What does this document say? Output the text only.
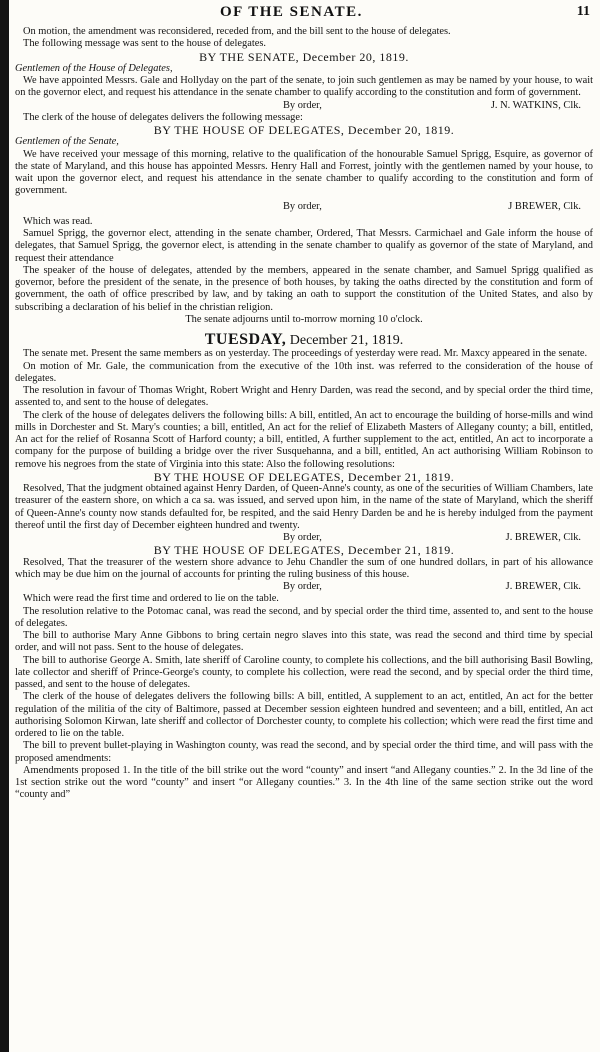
OF THE SENATE.	11

On motion, the amendment was reconsidered, receded from, and the bill sent to the house of delegates.

The following message was sent to the house of delegates.

BY THE SENATE, December 20, 1819.

Gentlemen of the House of Delegates,

We have appointed Messrs. Gale and Hollyday on the part of the senate, to join such gentlemen as may be named by your house, to wait on the governor elect, and request his attendance in the senate chamber to qualify according to the constitution and form of government.

By order,	J. N. WATKINS, Clk.

The clerk of the house of delegates delivers the following message:

BY THE HOUSE OF DELEGATES, December 20, 1819.

Gentlemen of the Senate,

We have received your message of this morning, relative to the qualification of the honourable Samuel Sprigg, Esquire, as governor of the state of Maryland, and this house has appointed Messrs. Henry Hall and Forrest, jointly with the gentlemen named by your house, to wait upon the governor elect, and request his attendance in the senate chamber to qualify according to the constitution and form of government.

By order,	J BREWER, Clk.

Which was read.

Samuel Sprigg, the governor elect, attending in the senate chamber, Ordered, That Messrs. Carmichael and Gale inform the house of delegates, that Samuel Sprigg, the governor elect, is attending in the senate chamber to qualify as governor of the state of Maryland, and request their attendance

The speaker of the house of delegates, attended by the members, appeared in the senate chamber, and Samuel Sprigg qualified as governor, before the president of the senate, in the presence of both houses, by taking the oaths directed by the constitution and form of government, the oath of office prescribed by law, and by taking an oath to support the constitution of the United States, and also by subscribing a declaration of his belief in the christian religion.

The senate adjourns until to-morrow morning 10 o'clock.

TUESDAY, December 21, 1819.

The senate met. Present the same members as on yesterday. The proceedings of yesterday were read. Mr. Maxcy appeared in the senate.

On motion of Mr. Gale, the communication from the executive of the 10th inst. was referred to the consideration of the house of delegates.

The resolution in favour of Thomas Wright, Robert Wright and Henry Darden, was read the second, and by special order the third time, assented to, and sent to the house of delegates.

The clerk of the house of delegates delivers the following bills: A bill, entitled, An act to encourage the building of horse-mills and wind mills in Dorchester and St. Mary's counties; a bill, entitled, An act for the relief of Elizabeth Masters of Allegany county; a bill, entitled, An act for the relief of Rosanna Scott of Harford county; a bill, entitled, A further supplement to the act, entitled, An act to incorporate a company for the purpose of building a bridge over the river Susquehanna, and a bill, entitled, An act authorising William Robinson to remove his negroes from the state of Virginia into this state: Also the following resolutions:

BY THE HOUSE OF DELEGATES, December 21, 1819.

Resolved, That the judgment obtained against Henry Darden, of Queen-Anne's county, as one of the securities of William Chambers, late treasurer of the eastern shore, on which a ca sa. was issued, and served upon him, in the name of the state of Maryland, which the sheriff of Queen-Anne's county now stands defaulted for, be respited, and the said Henry Darden be and he is hereby indulged from the payment thereof until the first day of December eighteen hundred and twenty.

By order,	J. BREWER, Clk.

BY THE HOUSE OF DELEGATES, December 21, 1819.

Resolved, That the treasurer of the western shore advance to Jehu Chandler the sum of one hundred dollars, in part of his allowance which may be due him on the journal of accounts for printing the ruling business of this house.

By order,	J. BREWER, Clk.

Which were read the first time and ordered to lie on the table.

The resolution relative to the Potomac canal, was read the second, and by special order the third time, assented to, and sent to the house of delegates.

The bill to authorise Mary Anne Gibbons to bring certain negro slaves into this state, was read the second and third time by special order, and will not pass. Sent to the house of delegates.

The bill to authorise George A. Smith, late sheriff of Caroline county, to complete his collections, and the bill authorising Basil Bowling, late collector and sheriff of Prince-George's county, to complete his collection, were read the second, and by special order the third time, passed, and sent to the house of delegates.

The clerk of the house of delegates delivers the following bills: A bill, entitled, A supplement to an act, entitled, An act for the better regulation of the militia of the city of Baltimore, passed at December session eighteen hundred and seventeen; and a bill, entitled, An act authorising Solomon Kirwan, late sheriff and collector of Dorchester county, to complete his collection; which were read the first time and ordered to lie on the table.

The bill to prevent bullet-playing in Washington county, was read the second, and by special order the third time, and will pass with the proposed amendments:

Amendments proposed 1. In the title of the bill strike out the word “county” and insert “and Allegany counties.” 2. In the 3d line of the 1st section strike out the word “county” and insert “or Allegany counties.” 3. In the 4th line of the same section strike out the word “county and”
